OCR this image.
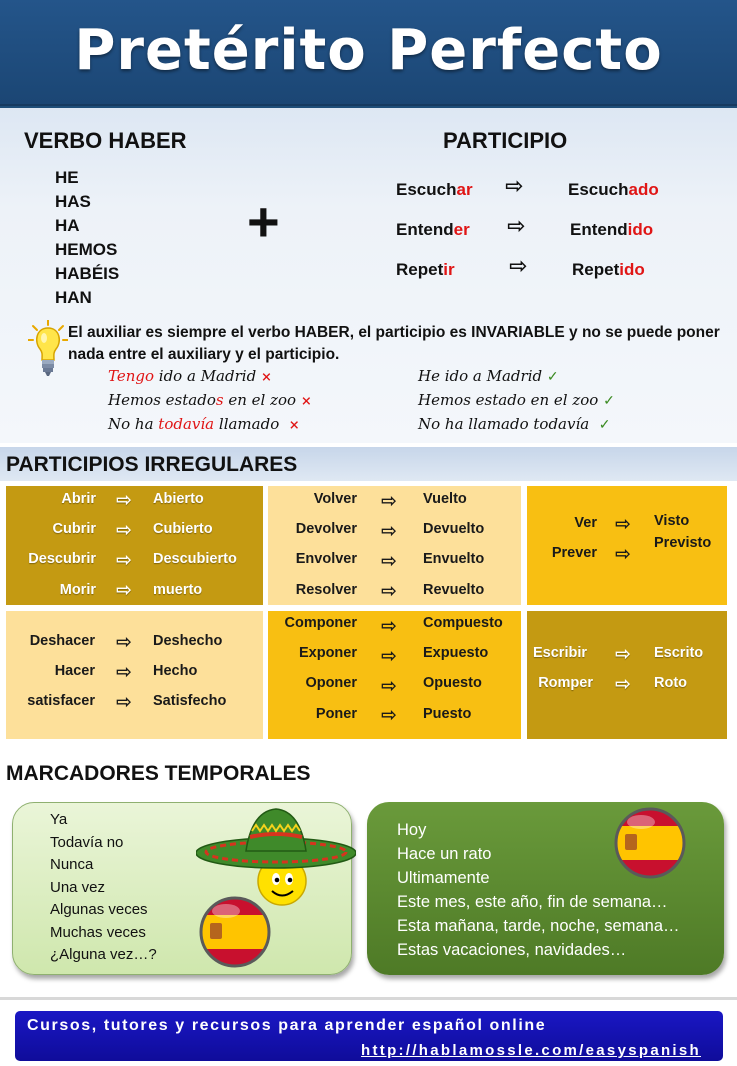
Pretérito Perfecto
VERBO HABER	PARTICIPIO
HE
HAS
HA
HEMOS
HABÉIS
HAN
+
Escuchar ⇨	Escuchado
Entender ⇨	Entendido
Repetir ⇨	Repetido
El auxiliar es siempre el verbo HABER, el participio es INVARIABLE y no se puede poner nada entre el auxiliary y el participio.
Tengo ido a Madrid ×
Hemos estados en el zoo ×
No ha todavía llamado ×
He ido a Madrid ✓
Hemos estado en el zoo ✓
No ha llamado todavía ✓
PARTICIPIOS IRREGULARES
Abrir ⇨ Abierto
Cubrir ⇨ Cubierto
Descubrir ⇨ Descubierto
Morir ⇨ muerto
Volver ⇨ Vuelto
Devolver ⇨ Devuelto
Envolver ⇨ Envuelto
Resolver ⇨ Revuelto
Ver ⇨ Visto
Prever ⇨ Previsto
Deshacer ⇨ Deshecho
Hacer ⇨ Hecho
satisfacer ⇨ Satisfecho
Componer ⇨ Compuesto
Exponer ⇨ Expuesto
Oponer ⇨ Opuesto
Poner ⇨ Puesto
Escribir ⇨ Escrito
Romper ⇨ Roto
MARCADORES TEMPORALES
Ya
Todavía no
Nunca
Una vez
Algunas veces
Muchas veces
¿Alguna vez…?
Hoy
Hace un rato
Ultimamente
Este mes, este año, fin de semana…
Esta mañana, tarde, noche, semana…
Estas vacaciones, navidades…
Cursos, tutores y recursos para aprender español online
http://hablamossle.com/easyspanish
